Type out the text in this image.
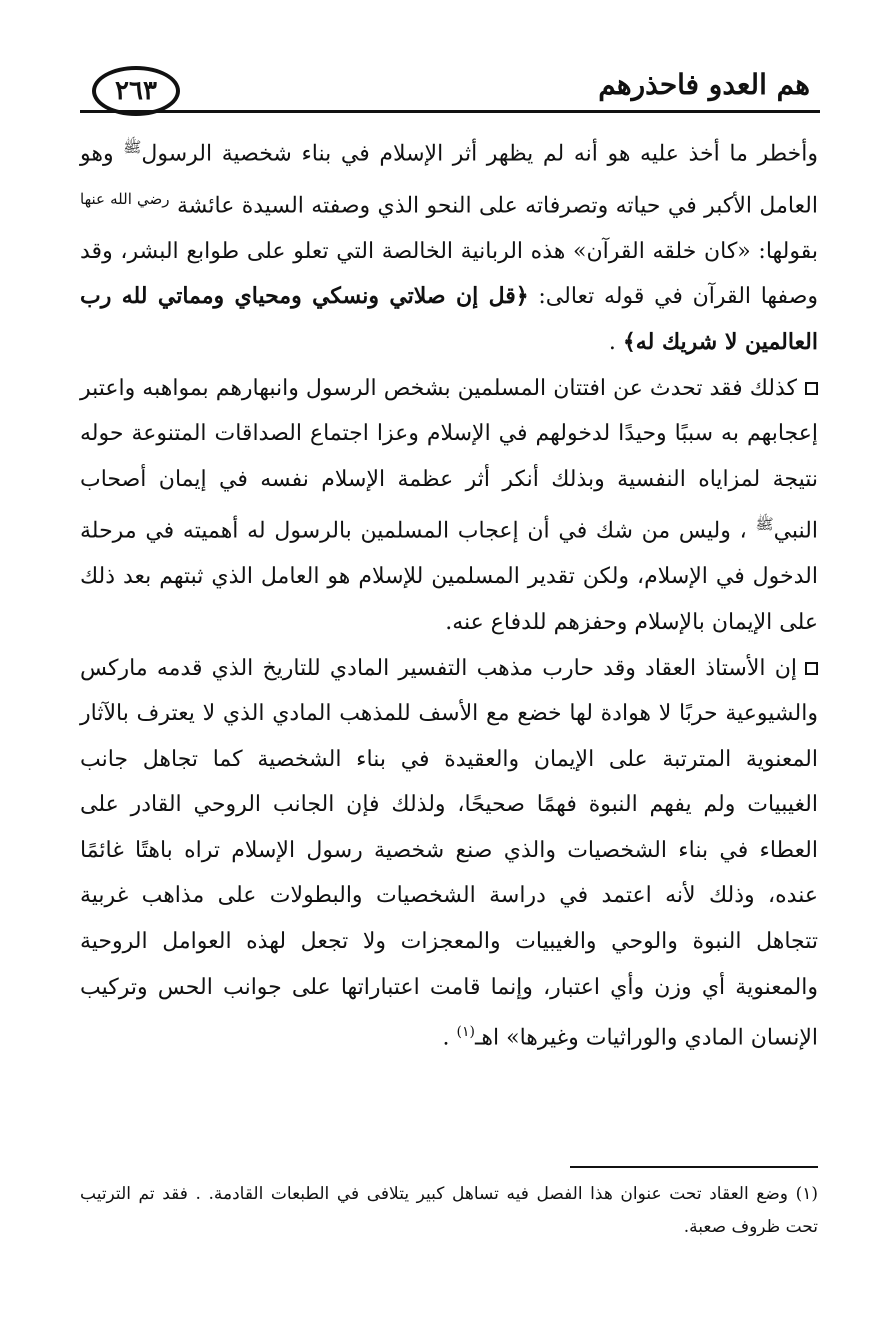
هم العدو فاحذرهم
٢٦٣

وأخطر ما أخذ عليه هو أنه لم يظهر أثر الإسلام في بناء شخصية الرسول$^ﷺ$ وهو العامل الأكبر في حياته وتصرفاته على النحو الذي وصفته السيدة عائشة $^{رضي الله عنها}$ بقولها: «كان خلقه القرآن» هذه الربانية الخالصة التي تعلو على طوابع البشر، وقد وصفها القرآن في قوله تعالى: ﴿قل إن صلاتي ونسكي ومحياي ومماتي لله رب العالمين لا شريك له﴾ .

كذلك فقد تحدث عن افتتان المسلمين بشخص الرسول وانبهارهم بمواهبه واعتبر إعجابهم به سببًا وحيدًا لدخولهم في الإسلام وعزا اجتماع الصداقات المتنوعة حوله نتيجة لمزاياه النفسية وبذلك أنكر أثر عظمة الإسلام نفسه في إيمان أصحاب النبي$^ﷺ$ ، وليس من شك في أن إعجاب المسلمين بالرسول له أهميته في مرحلة الدخول في الإسلام، ولكن تقدير المسلمين للإسلام هو العامل الذي ثبتهم بعد ذلك على الإيمان بالإسلام وحفزهم للدفاع عنه.

إن الأستاذ العقاد وقد حارب مذهب التفسير المادي للتاريخ الذي قدمه ماركس والشيوعية حربًا لا هوادة لها خضع مع الأسف للمذهب المادي الذي لا يعترف بالآثار المعنوية المترتبة على الإيمان والعقيدة في بناء الشخصية كما تجاهل جانب الغيبيات ولم يفهم النبوة فهمًا صحيحًا، ولذلك فإن الجانب الروحي القادر على العطاء في بناء الشخصيات والذي صنع شخصية رسول الإسلام تراه باهتًا غائمًا عنده، وذلك لأنه اعتمد في دراسة الشخصيات والبطولات على مذاهب غربية تتجاهل النبوة والوحي والغيبيات والمعجزات ولا تجعل لهذه العوامل الروحية والمعنوية أي وزن وأي اعتبار، وإنما قامت اعتباراتها على جوانب الحس وتركيب الإنسان المادي والوراثيات وغيرها» اهـ$^{(١)}$ .

(١) وضع العقاد تحت عنوان هذا الفصل فيه تساهل كبير يتلافى في الطبعات القادمة. . فقد تم الترتيب تحت ظروف صعبة.
